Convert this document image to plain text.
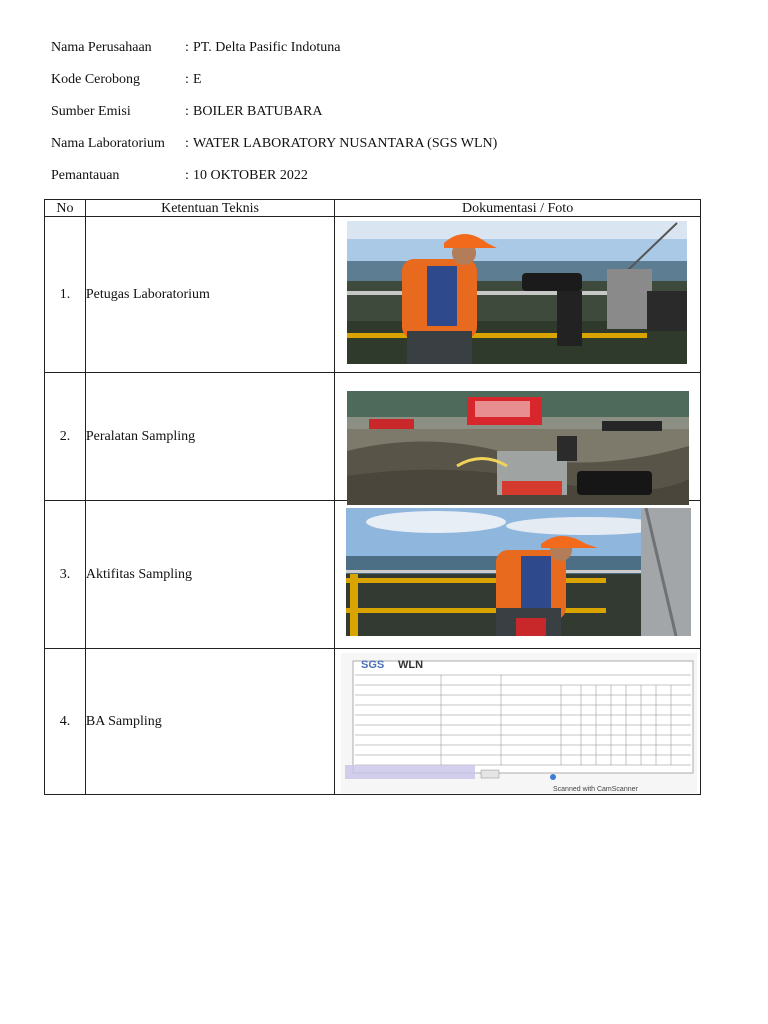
Nama Perusahaan : PT. Delta Pasific Indotuna
Kode Cerobong	: E
Sumber Emisi	: BOILER BATUBARA
Nama Laboratorium : WATER LABORATORY NUSANTARA (SGS WLN)
Pemantauan	: 10 OKTOBER 2022
No	Ketentuan Teknis	Dokumentasi / Foto
1.	Petugas Laboratorium	

2.	Peralatan Sampling	

3.	Aktifitas Sampling	

4.	BA Sampling	SGS WLN
Scanned with CamScanner
